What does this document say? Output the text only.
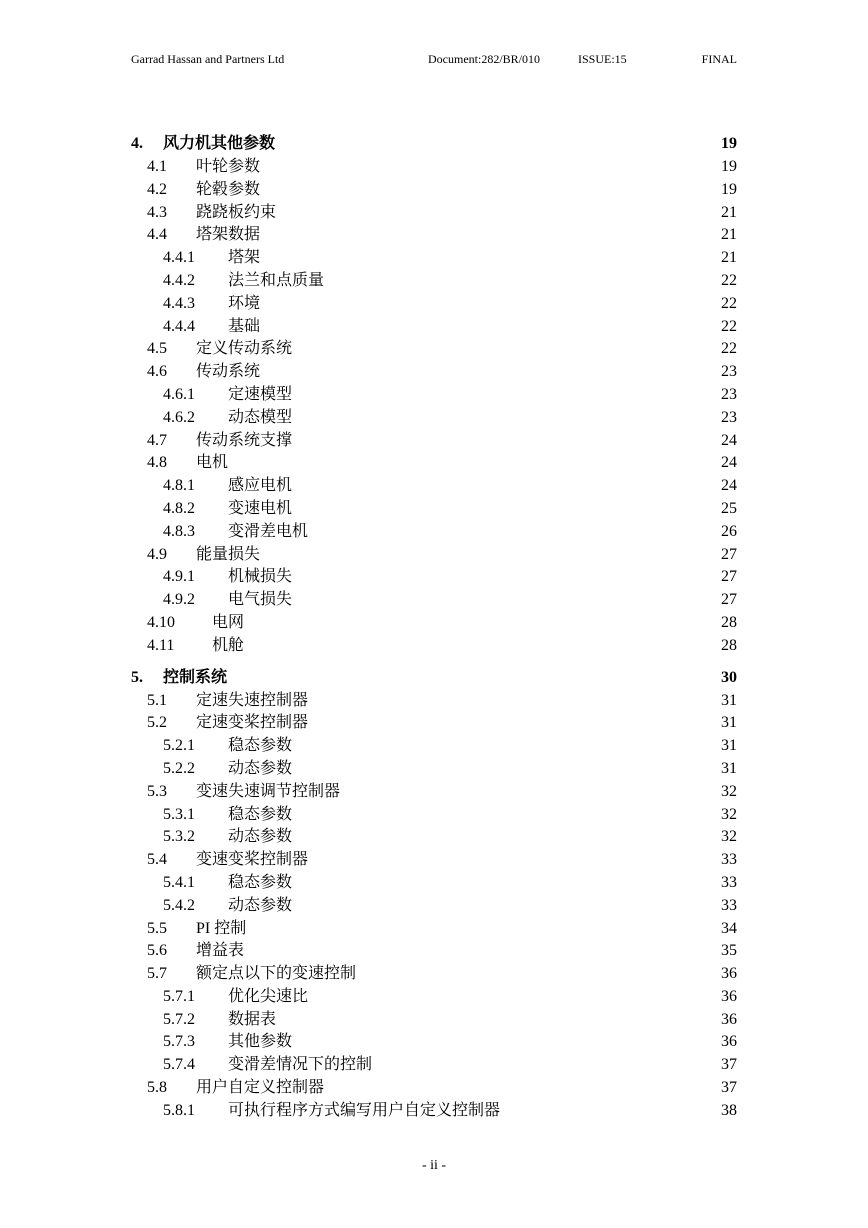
Garrad Hassan and Partners Ltd	Document:282/BR/010	ISSUE:15	FINAL
4. 风力机其他参数	19
4.1 叶轮参数	19
4.2 轮毂参数	19
4.3 跷跷板约束	21
4.4 塔架数据	21
4.4.1 塔架	21
4.4.2 法兰和点质量	22
4.4.3 环境	22
4.4.4 基础	22
4.5 定义传动系统	22
4.6 传动系统	23
4.6.1 定速模型	23
4.6.2 动态模型	23
4.7 传动系统支撑	24
4.8 电机	24
4.8.1 感应电机	24
4.8.2 变速电机	25
4.8.3 变滑差电机	26
4.9 能量损失	27
4.9.1 机械损失	27
4.9.2 电气损失	27
4.10 电网	28
4.11 机舱	28
5. 控制系统	30
5.1 定速失速控制器	31
5.2 定速变桨控制器	31
5.2.1 稳态参数	31
5.2.2 动态参数	31
5.3 变速失速调节控制器	32
5.3.1 稳态参数	32
5.3.2 动态参数	32
5.4 变速变桨控制器	33
5.4.1 稳态参数	33
5.4.2 动态参数	33
5.5 PI 控制	34
5.6 增益表	35
5.7 额定点以下的变速控制	36
5.7.1 优化尖速比	36
5.7.2 数据表	36
5.7.3 其他参数	36
5.7.4 变滑差情况下的控制	37
5.8 用户自定义控制器	37
5.8.1 可执行程序方式编写用户自定义控制器	38
- ii -
